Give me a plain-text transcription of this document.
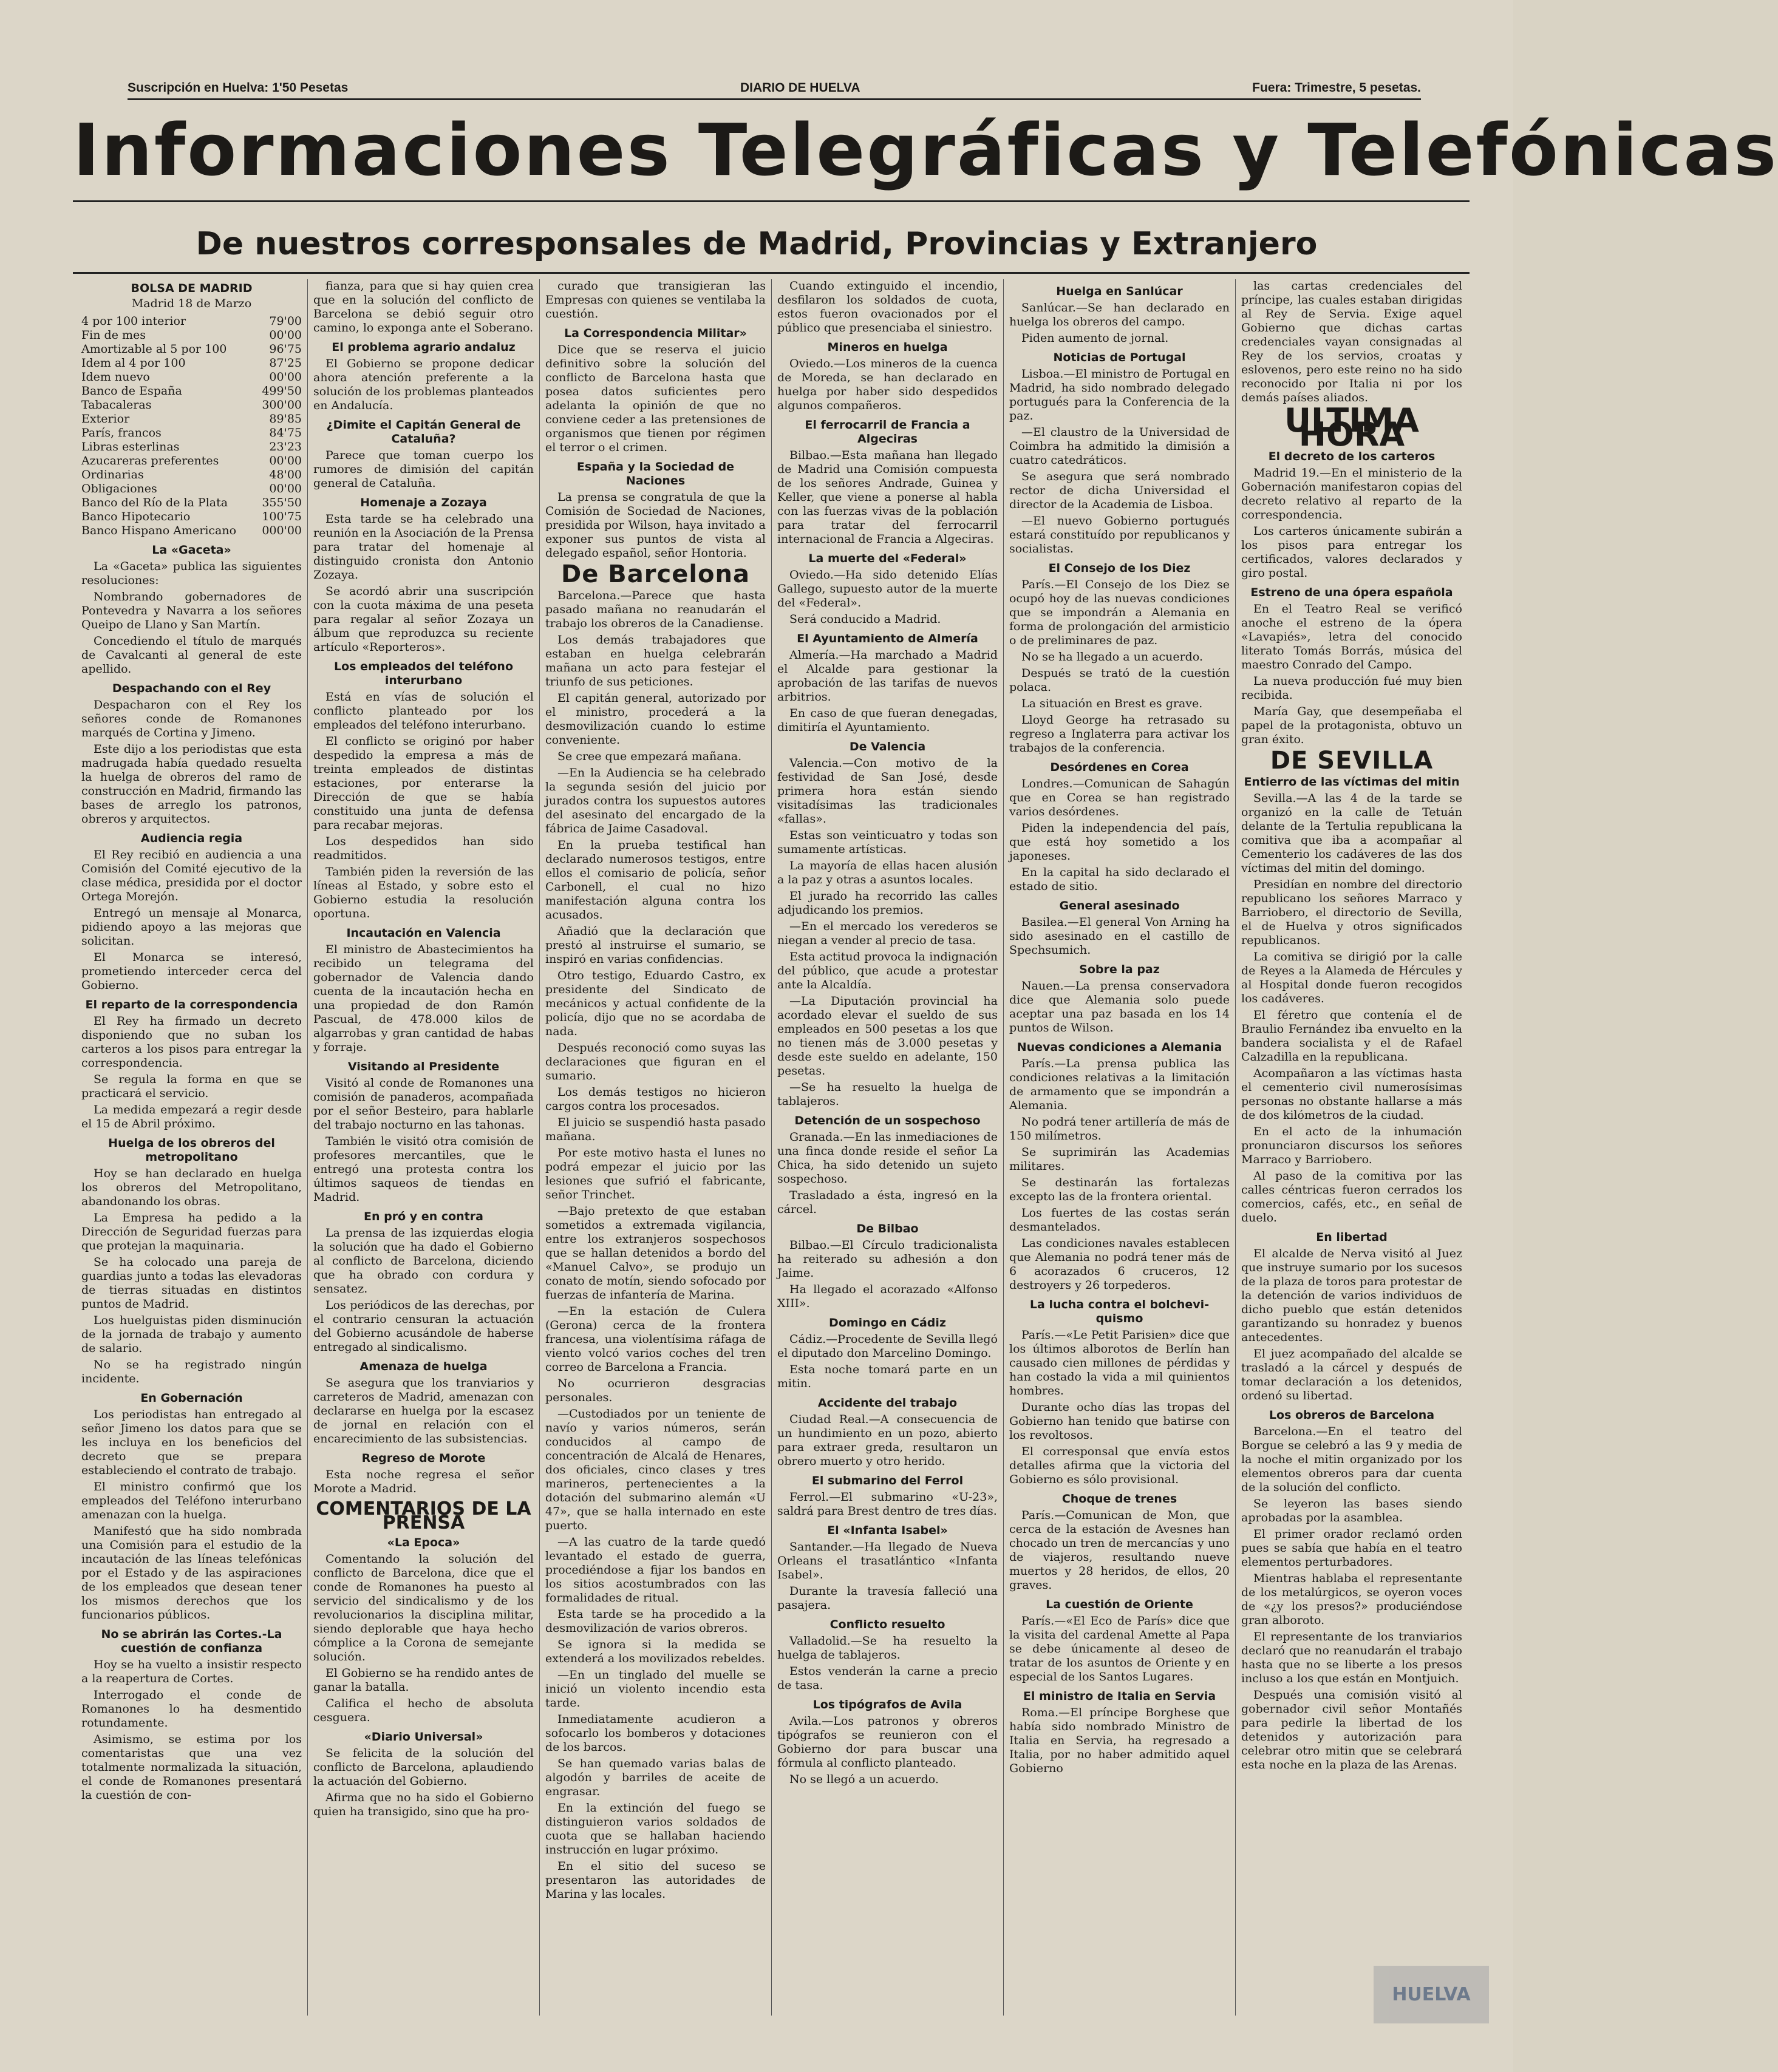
Suscripción en Huelva: 1'50 Pesetas	DIARIO DE HUELVA	Fuera: Trimestre, 5 pesetas.
Informaciones Telegráficas y Telefónicas
De nuestros corresponsales de Madrid, Provincias y Extranjero
BOLSA DE MADRID
Madrid 18 de Marzo
4 por 100 interior	79'00
Fin de mes	00'00
Amortizable al 5 por 100	96'75
Idem al 4 por 100	87'25
Idem nuevo	00'00
Banco de España	499'50
Tabacaleras	300'00
Exterior	89'85
París, francos	84'75
Libras esterlinas	23'23
Azucareras preferentes	00'00
Ordinarias	48'00
Obligaciones	00'00
Banco del Río de la Plata	355'50
Banco Hipotecario	100'75
Banco Hispano Americano 000'00
La «Gaceta»

La «Gaceta» publica las siguientes resoluciones:

Nombrando gobernadores de Pontevedra y Navarra a los señores Queipo de Llano y San Martín.

Concediendo el título de marqués de Cavalcanti al general de este apellido.

Despachando con el Rey

Despacharon con el Rey los señores conde de Romanones marqués de Cortina y Jimeno.

Este dijo a los periodistas que esta madrugada había quedado resuelta la huelga de obreros del ramo de construcción en Madrid, firmando las bases de arreglo los patronos, obreros y arquitectos.

Audiencia regia

El Rey recibió en audiencia a una Comisión del Comité ejecutivo de la clase médica, presidida por el doctor Ortega Morejón.

Entregó un mensaje al Monarca, pidiendo apoyo a las mejoras que solicitan.

El Monarca se interesó, prometiendo interceder cerca del Gobierno.

El reparto de la correspondencia

El Rey ha firmado un decreto disponiendo que no suban los carteros a los pisos para entregar la correspondencia.

Se regula la forma en que se practicará el servicio.

La medida empezará a regir desde el 15 de Abril próximo.

Huelga de los obreros del metropolitano

Hoy se han declarado en huelga los obreros del Metropolitano, abandonando los obras.

La Empresa ha pedido a la Dirección de Seguridad fuerzas para que protejan la maquinaria.

Se ha colocado una pareja de guardias junto a todas las elevadoras de tierras situadas en distintos puntos de Madrid.

Los huelguistas piden disminución de la jornada de trabajo y aumento de salario.

No se ha registrado ningún incidente.

En Gobernación

Los periodistas han entregado al señor Jimeno los datos para que se les incluya en los beneficios del decreto que se prepara estableciendo el contrato de trabajo.

El ministro confirmó que los empleados del Teléfono interurbano amenazan con la huelga.

Manifestó que ha sido nombrada una Comisión para el estudio de la incautación de las líneas telefónicas por el Estado y de las aspiraciones de los empleados que desean tener los mismos derechos que los funcionarios públicos.

No se abrirán las Cortes.-La cuestión de confianza

Hoy se ha vuelto a insistir respecto a la reapertura de Cortes.

Interrogado el conde de Romanones lo ha desmentido rotundamente.

Asimismo, se estima por los comentaristas que una vez totalmente normalizada la situación, el conde de Romanones presentará la cuestión de con-

fianza, para que si hay quien crea que en la solución del conflicto de Barcelona se debió seguir otro camino, lo exponga ante el Soberano.

El problema agrario andaluz

El Gobierno se propone dedicar ahora atención preferente a la solución de los problemas planteados en Andalucía.

¿Dimite el Capitán General de Cataluña?

Parece que toman cuerpo los rumores de dimisión del capitán general de Cataluña.

Homenaje a Zozaya

Esta tarde se ha celebrado una reunión en la Asociación de la Prensa para tratar del homenaje al distinguido cronista don Antonio Zozaya.

Se acordó abrir una suscripción con la cuota máxima de una peseta para regalar al señor Zozaya un álbum que reproduzca su reciente artículo «Reporteros».

Los empleados del teléfono interurbano

Está en vías de solución el conflicto planteado por los empleados del teléfono interurbano.

El conflicto se originó por haber despedido la empresa a más de treinta empleados de distintas estaciones, por enterarse la Dirección de que se había constituido una junta de defensa para recabar mejoras.

Los despedidos han sido readmitidos.

También piden la reversión de las líneas al Estado, y sobre esto el Gobierno estudia la resolución oportuna.

Incautación en Valencia

El ministro de Abastecimientos ha recibido un telegrama del gobernador de Valencia dando cuenta de la incautación hecha en una propiedad de don Ramón Pascual, de 478.000 kilos de algarrobas y gran cantidad de habas y forraje.

Visitando al Presidente

Visitó al conde de Romanones una comisión de panaderos, acompañada por el señor Besteiro, para hablarle del trabajo nocturno en las tahonas.

También le visitó otra comisión de profesores mercantiles, que le entregó una protesta contra los últimos saqueos de tiendas en Madrid.

En pró y en contra

La prensa de las izquierdas elogia la solución que ha dado el Gobierno al conflicto de Barcelona, diciendo que ha obrado con cordura y sensatez.

Los periódicos de las derechas, por el contrario censuran la actuación del Gobierno acusándole de haberse entregado al sindicalismo.

Amenaza de huelga

Se asegura que los tranviarios y carreteros de Madrid, amenazan con declararse en huelga por la escasez de jornal en relación con el encarecimiento de las subsistencias.

Regreso de Morote

Esta noche regresa el señor Morote a Madrid.

COMENTARIOS DE LA PRENSA
«La Epoca»

Comentando la solución del conflicto de Barcelona, dice que el conde de Romanones ha puesto al servicio del sindicalismo y de los revolucionarios la disciplina militar, siendo deplorable que haya hecho cómplice a la Corona de semejante solución.

El Gobierno se ha rendido antes de ganar la batalla.

Califica el hecho de absoluta cesguera.

«Diario Universal»

Se felicita de la solución del conflicto de Barcelona, aplaudiendo la actuación del Gobierno.

Afirma que no ha sido el Gobierno quien ha transigido, sino que ha pro-

curado que transigieran las Empresas con quienes se ventilaba la cuestión.

La Correspondencia Militar»

Dice que se reserva el juicio definitivo sobre la solución del conflicto de Barcelona hasta que posea datos suficientes pero adelanta la opinión de que no conviene ceder a las pretensiones de organismos que tienen por régimen el terror o el crimen.

España y la Sociedad de Naciones

La prensa se congratula de que la Comisión de Sociedad de Naciones, presidida por Wilson, haya invitado a exponer sus puntos de vista al delegado español, señor Hontoria.

De Barcelona

Barcelona.—Parece que hasta pasado mañana no reanudarán el trabajo los obreros de la Canadiense.

Los demás trabajadores que estaban en huelga celebrarán mañana un acto para festejar el triunfo de sus peticiones.

El capitán general, autorizado por el ministro, procederá a la desmovilización cuando lo estime conveniente.

Se cree que empezará mañana.

—En la Audiencia se ha celebrado la segunda sesión del juicio por jurados contra los supuestos autores del asesinato del encargado de la fábrica de Jaime Casadoval.

En la prueba testifical han declarado numerosos testigos, entre ellos el comisario de policía, señor Carbonell, el cual no hizo manifestación alguna contra los acusados.

Añadió que la declaración que prestó al instruirse el sumario, se inspiró en varias confidencias.

Otro testigo, Eduardo Castro, ex presidente del Sindicato de mecánicos y actual confidente de la policía, dijo que no se acordaba de nada.

Después reconoció como suyas las declaraciones que figuran en el sumario.

Los demás testigos no hicieron cargos contra los procesados.

El juicio se suspendió hasta pasado mañana.

Por este motivo hasta el lunes no podrá empezar el juicio por las lesiones que sufrió el fabricante, señor Trinchet.

—Bajo pretexto de que estaban sometidos a extremada vigilancia, entre los extranjeros sospechosos que se hallan detenidos a bordo del «Manuel Calvo», se produjo un conato de motín, siendo sofocado por fuerzas de infantería de Marina.

—En la estación de Culera (Gerona) cerca de la frontera francesa, una violentísima ráfaga de viento volcó varios coches del tren correo de Barcelona a Francia.

No ocurrieron desgracias personales.

—Custodiados por un teniente de navío y varios números, serán conducidos al campo de concentración de Alcalá de Henares, dos oficiales, cinco clases y tres marineros, pertenecientes a la dotación del submarino alemán «U 47», que se halla internado en este puerto.

—A las cuatro de la tarde quedó levantado el estado de guerra, procediéndose a fijar los bandos en los sitios acostumbrados con las formalidades de ritual.

Esta tarde se ha procedido a la desmovilización de varios obreros.

Se ignora si la medida se extenderá a los movilizados rebeldes.

—En un tinglado del muelle se inició un violento incendio esta tarde.

Inmediatamente acudieron a sofocarlo los bomberos y dotaciones de los barcos.

Se han quemado varias balas de algodón y barriles de aceite de engrasar.

En la extinción del fuego se distinguieron varios soldados de cuota que se hallaban haciendo instrucción en lugar próximo.

En el sitio del suceso se presentaron las autoridades de Marina y las locales.

Cuando extinguido el incendio, desfilaron los soldados de cuota, estos fueron ovacionados por el público que presenciaba el siniestro.

Mineros en huelga

Oviedo.—Los mineros de la cuenca de Moreda, se han declarado en huelga por haber sido despedidos algunos compañeros.

El ferrocarril de Francia a Algeciras

Bilbao.—Esta mañana han llegado de Madrid una Comisión compuesta de los señores Andrade, Guinea y Keller, que viene a ponerse al habla con las fuerzas vivas de la población para tratar del ferrocarril internacional de Francia a Algeciras.

La muerte del «Federal»

Oviedo.—Ha sido detenido Elías Gallego, supuesto autor de la muerte del «Federal».

Será conducido a Madrid.

El Ayuntamiento de Almería

Almería.—Ha marchado a Madrid el Alcalde para gestionar la aprobación de las tarifas de nuevos arbitrios.

En caso de que fueran denegadas, dimitiría el Ayuntamiento.

De Valencia

Valencia.—Con motivo de la festividad de San José, desde primera hora están siendo visitadísimas las tradicionales «fallas».

Estas son veinticuatro y todas son sumamente artísticas.

La mayoría de ellas hacen alusión a la paz y otras a asuntos locales.

El jurado ha recorrido las calles adjudicando los premios.

—En el mercado los verederos se niegan a vender al precio de tasa.

Esta actitud provoca la indignación del público, que acude a protestar ante la Alcaldía.

—La Diputación provincial ha acordado elevar el sueldo de sus empleados en 500 pesetas a los que no tienen más de 3.000 pesetas y desde este sueldo en adelante, 150 pesetas.

—Se ha resuelto la huelga de tablajeros.

Detención de un sospechoso

Granada.—En las inmediaciones de una finca donde reside el señor La Chica, ha sido detenido un sujeto sospechoso.

Trasladado a ésta, ingresó en la cárcel.

De Bilbao

Bilbao.—El Círculo tradicionalista ha reiterado su adhesión a don Jaime.

Ha llegado el acorazado «Alfonso XIII».

Domingo en Cádiz

Cádiz.—Procedente de Sevilla llegó el diputado don Marcelino Domingo.

Esta noche tomará parte en un mitin.

Accidente del trabajo

Ciudad Real.—A consecuencia de un hundimiento en un pozo, abierto para extraer greda, resultaron un obrero muerto y otro herido.

El submarino del Ferrol

Ferrol.—El submarino «U-23», saldrá para Brest dentro de tres días.

El «Infanta Isabel»

Santander.—Ha llegado de Nueva Orleans el trasatlántico «Infanta Isabel».

Durante la travesía falleció una pasajera.

Conflicto resuelto

Valladolid.—Se ha resuelto la huelga de tablajeros.

Estos venderán la carne a precio de tasa.

Los tipógrafos de Avila

Avila.—Los patronos y obreros tipógrafos se reunieron con el Gobierno dor para buscar una fórmula al conflicto planteado.

No se llegó a un acuerdo.

Huelga en Sanlúcar

Sanlúcar.—Se han declarado en huelga los obreros del campo.

Piden aumento de jornal.

Noticias de Portugal

Lisboa.—El ministro de Portugal en Madrid, ha sido nombrado delegado portugués para la Conferencia de la paz.

—El claustro de la Universidad de Coimbra ha admitido la dimisión a cuatro catedráticos.

Se asegura que será nombrado rector de dicha Universidad el director de la Academia de Lisboa.

—El nuevo Gobierno portugués estará constituído por republicanos y socialistas.

El Consejo de los Diez

París.—El Consejo de los Diez se ocupó hoy de las nuevas condiciones que se impondrán a Alemania en forma de prolongación del armisticio o de preliminares de paz.

No se ha llegado a un acuerdo.

Después se trató de la cuestión polaca.

La situación en Brest es grave.

Lloyd George ha retrasado su regreso a Inglaterra para activar los trabajos de la conferencia.

Desórdenes en Corea

Londres.—Comunican de Sahagún que en Corea se han registrado varios desórdenes.

Piden la independencia del país, que está hoy sometido a los japoneses.

En la capital ha sido declarado el estado de sitio.

General asesinado

Basilea.—El general Von Arning ha sido asesinado en el castillo de Spechsumich.

Sobre la paz

Nauen.—La prensa conservadora dice que Alemania solo puede aceptar una paz basada en los 14 puntos de Wilson.

Nuevas condiciones a Alemania

París.—La prensa publica las condiciones relativas a la limitación de armamento que se impondrán a Alemania.

No podrá tener artillería de más de 150 milímetros.

Se suprimirán las Academias militares.

Se destinarán las fortalezas excepto las de la frontera oriental.

Los fuertes de las costas serán desmantelados.

Las condiciones navales establecen que Alemania no podrá tener más de 6 acorazados 6 cruceros, 12 destroyers y 26 torpederos.

La lucha contra el bolcheviquismo

París.—«Le Petit Parisien» dice que los últimos alborotos de Berlín han causado cien millones de pérdidas y han costado la vida a mil quinientos hombres.

Durante ocho días las tropas del Gobierno han tenido que batirse con los revoltosos.

El corresponsal que envía estos detalles afirma que la victoria del Gobierno es sólo provisional.

Choque de trenes

París.—Comunican de Mon, que cerca de la estación de Avesnes han chocado un tren de mercancías y uno de viajeros, resultando nueve muertos y 28 heridos, de ellos, 20 graves.

La cuestión de Oriente

París.—«El Eco de París» dice que la visita del cardenal Amette al Papa se debe únicamente al deseo de tratar de los asuntos de Oriente y en especial de los Santos Lugares.

El ministro de Italia en Servia

Roma.—El príncipe Borghese que había sido nombrado Ministro de Italia en Servia, ha regresado a Italia, por no haber admitido aquel Gobierno

las cartas credenciales del príncipe, las cuales estaban dirigidas al Rey de Servia. Exige aquel Gobierno que dichas cartas credenciales vayan consignadas al Rey de los servios, croatas y eslovenos, pero este reino no ha sido reconocido por Italia ni por los demás países aliados.

ULTIMA HORA
El decreto de los carteros

Madrid 19.—En el ministerio de la Gobernación manifestaron copias del decreto relativo al reparto de la correspondencia.

Los carteros únicamente subirán a los pisos para entregar los certificados, valores declarados y giro postal.

Estreno de una ópera española

En el Teatro Real se verificó anoche el estreno de la ópera «Lavapiés», letra del conocido literato Tomás Borrás, música del maestro Conrado del Campo.

La nueva producción fué muy bien recibida.

María Gay, que desempeñaba el papel de la protagonista, obtuvo un gran éxito.

DE SEVILLA
Entierro de las víctimas del mitin

Sevilla.—A las 4 de la tarde se organizó en la calle de Tetuán delante de la Tertulia republicana la comitiva que iba a acompañar al Cementerio los cadáveres de las dos víctimas del mitin del domingo.

Presidían en nombre del directorio republicano los señores Marraco y Barriobero, el directorio de Sevilla, el de Huelva y otros significados republicanos.

La comitiva se dirigió por la calle de Reyes a la Alameda de Hércules y al Hospital donde fueron recogidos los cadáveres.

El féretro que contenía el de Braulio Fernández iba envuelto en la bandera socialista y el de Rafael Calzadilla en la republicana.

Acompañaron a las víctimas hasta el cementerio civil numerosísimas personas no obstante hallarse a más de dos kilómetros de la ciudad.

En el acto de la inhumación pronunciaron discursos los señores Marraco y Barriobero.

Al paso de la comitiva por las calles céntricas fueron cerrados los comercios, cafés, etc., en señal de duelo.

En libertad

El alcalde de Nerva visitó al Juez que instruye sumario por los sucesos de la plaza de toros para protestar de la detención de varios individuos de dicho pueblo que están detenidos garantizando su honradez y buenos antecedentes.

El juez acompañado del alcalde se trasladó a la cárcel y después de tomar declaración a los detenidos, ordenó su libertad.

Los obreros de Barcelona

Barcelona.—En el teatro del Borgue se celebró a las 9 y media de la noche el mitin organizado por los elementos obreros para dar cuenta de la solución del conflicto.

Se leyeron las bases siendo aprobadas por la asamblea.

El primer orador reclamó orden pues se sabía que había en el teatro elementos perturbadores.

Mientras hablaba el representante de los metalúrgicos, se oyeron voces de «¿y los presos?» produciéndose gran alboroto.

El representante de los tranviarios declaró que no reanudarán el trabajo hasta que no se liberte a los presos incluso a los que están en Montjuich.

Después una comisión visitó al gobernador civil señor Montañés para pedirle la libertad de los detenidos y autorización para celebrar otro mitin que se celebrará esta noche en la plaza de las Arenas.

HUELVA
